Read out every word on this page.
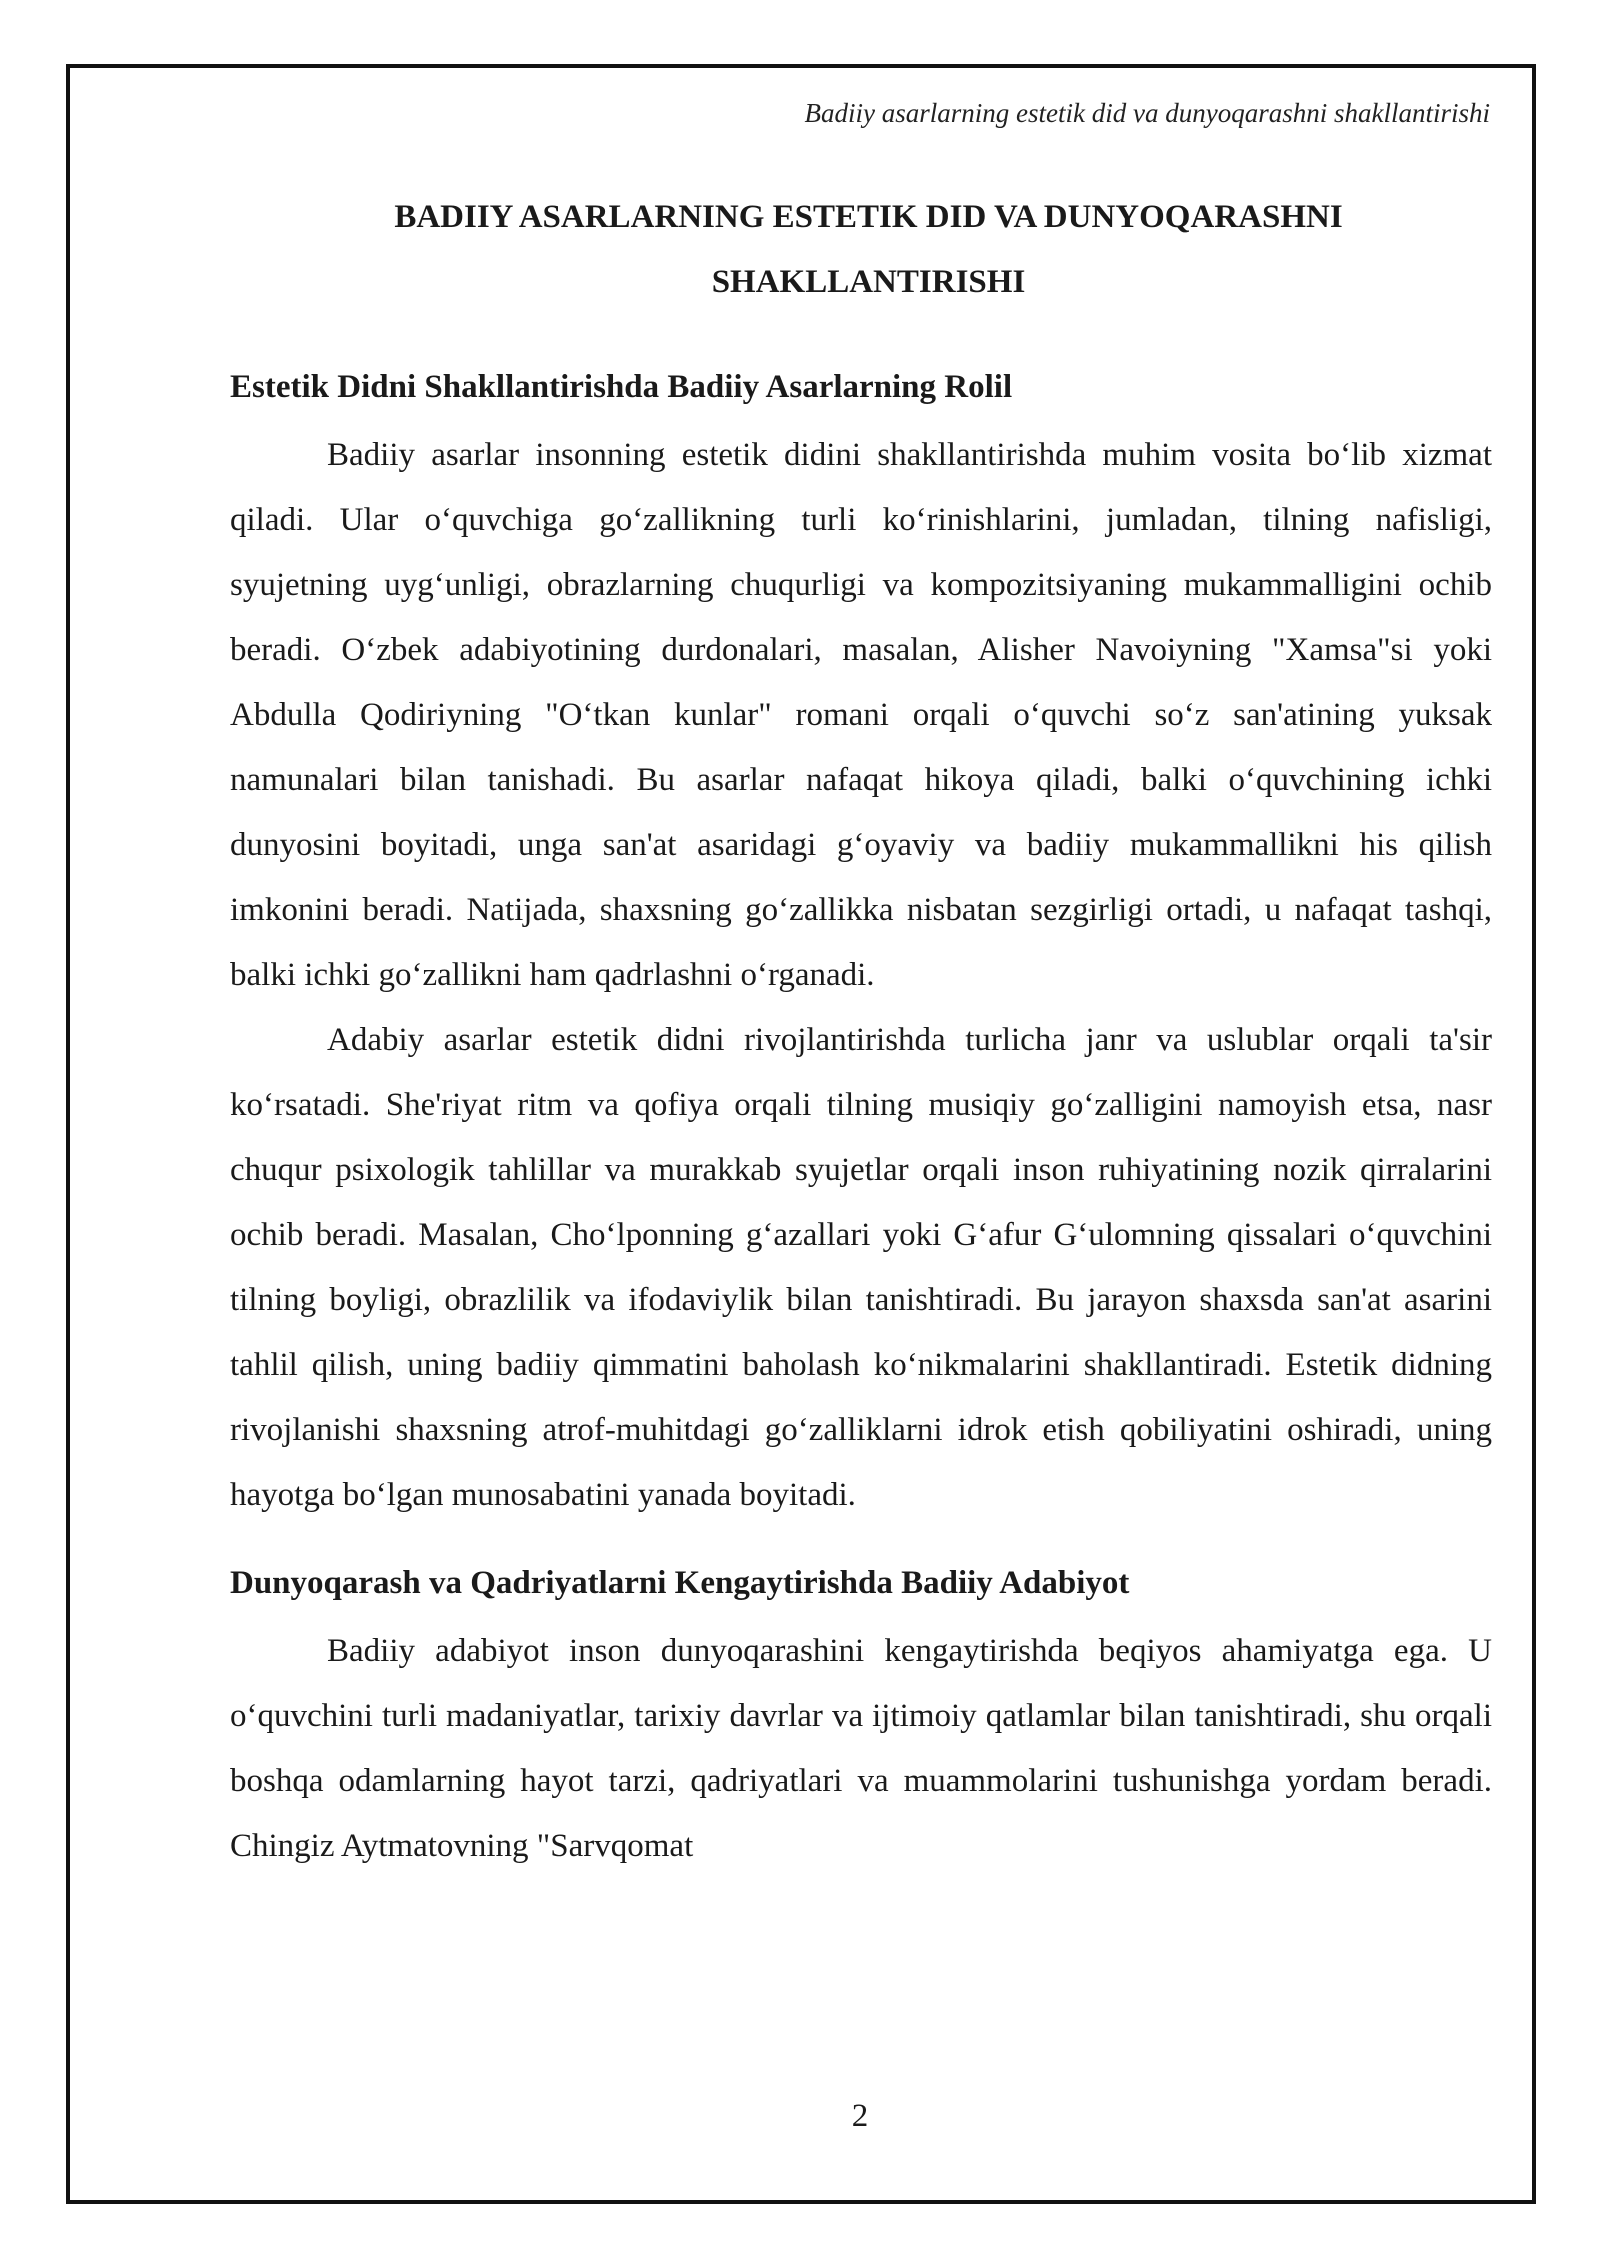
Badiiy asarlarning estetik did va dunyoqarashni shakllantirishi
BADIIY ASARLARNING ESTETIK DID VA DUNYOQARASHNI
SHAKLLANTIRISHI
Estetik Didni Shakllantirishda Badiiy Asarlarning Rolil

Badiiy asarlar insonning estetik didini shakllantirishda muhim vosita bo‘lib xizmat qiladi. Ular o‘quvchiga go‘zallikning turli ko‘rinishlarini, jumladan, tilning nafisligi, syujetning uyg‘unligi, obrazlarning chuqurligi va kompozitsiyaning mukammalligini ochib beradi. O‘zbek adabiyotining durdonalari, masalan, Alisher Navoiyning "Xamsa"si yoki Abdulla Qodiriyning "O‘tkan kunlar" romani orqali o‘quvchi so‘z san'atining yuksak namunalari bilan tanishadi. Bu asarlar nafaqat hikoya qiladi, balki o‘quvchining ichki dunyosini boyitadi, unga san'at asaridagi g‘oyaviy va badiiy mukammallikni his qilish imkonini beradi. Natijada, shaxsning go‘zallikka nisbatan sezgirligi ortadi, u nafaqat tashqi, balki ichki go‘zallikni ham qadrlashni o‘rganadi.

Adabiy asarlar estetik didni rivojlantirishda turlicha janr va uslublar orqali ta'sir ko‘rsatadi. She'riyat ritm va qofiya orqali tilning musiqiy go‘zalligini namoyish etsa, nasr chuqur psixologik tahlillar va murakkab syujetlar orqali inson ruhiyatining nozik qirralarini ochib beradi. Masalan, Cho‘lponning g‘azallari yoki G‘afur G‘ulomning qissalari o‘quvchini tilning boyligi, obrazlilik va ifodaviylik bilan tanishtiradi. Bu jarayon shaxsda san'at asarini tahlil qilish, uning badiiy qimmatini baholash ko‘nikmalarini shakllantiradi. Estetik didning rivojlanishi shaxsning atrof-muhitdagi go‘zalliklarni idrok etish qobiliyatini oshiradi, uning hayotga bo‘lgan munosabatini yanada boyitadi.

Dunyoqarash va Qadriyatlarni Kengaytirishda Badiiy Adabiyot

Badiiy adabiyot inson dunyoqarashini kengaytirishda beqiyos ahamiyatga ega. U o‘quvchini turli madaniyatlar, tarixiy davrlar va ijtimoiy qatlamlar bilan tanishtiradi, shu orqali boshqa odamlarning hayot tarzi, qadriyatlari va muammolarini tushunishga yordam beradi. Chingiz Aytmatovning "Sarvqomat

2
